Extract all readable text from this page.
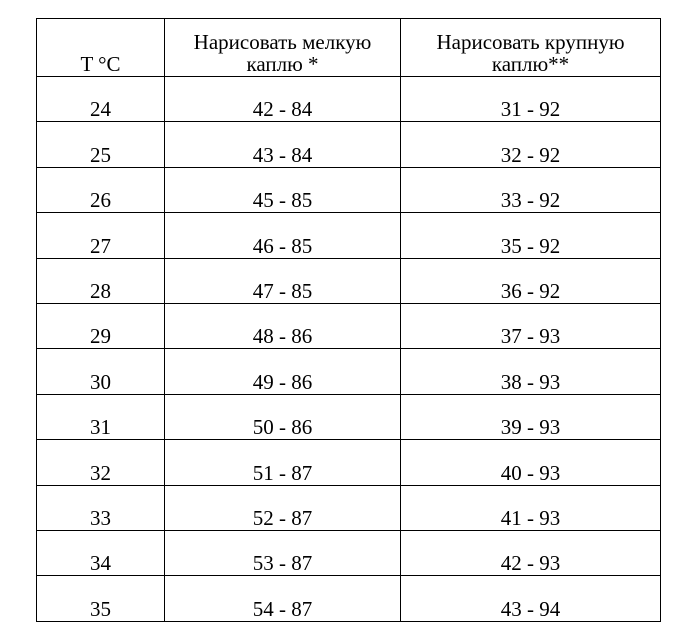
T °C	Нарисовать мелкую каплю *	Нарисовать крупную каплю**
24	42 - 84	31 - 92
25	43 - 84	32 - 92
26	45 - 85	33 - 92
27	46 - 85	35 - 92
28	47 - 85	36 - 92
29	48 - 86	37 - 93
30	49 - 86	38 - 93
31	50 - 86	39 - 93
32	51 - 87	40 - 93
33	52 - 87	41 - 93
34	53 - 87	42 - 93
35	54 - 87	43 - 94
